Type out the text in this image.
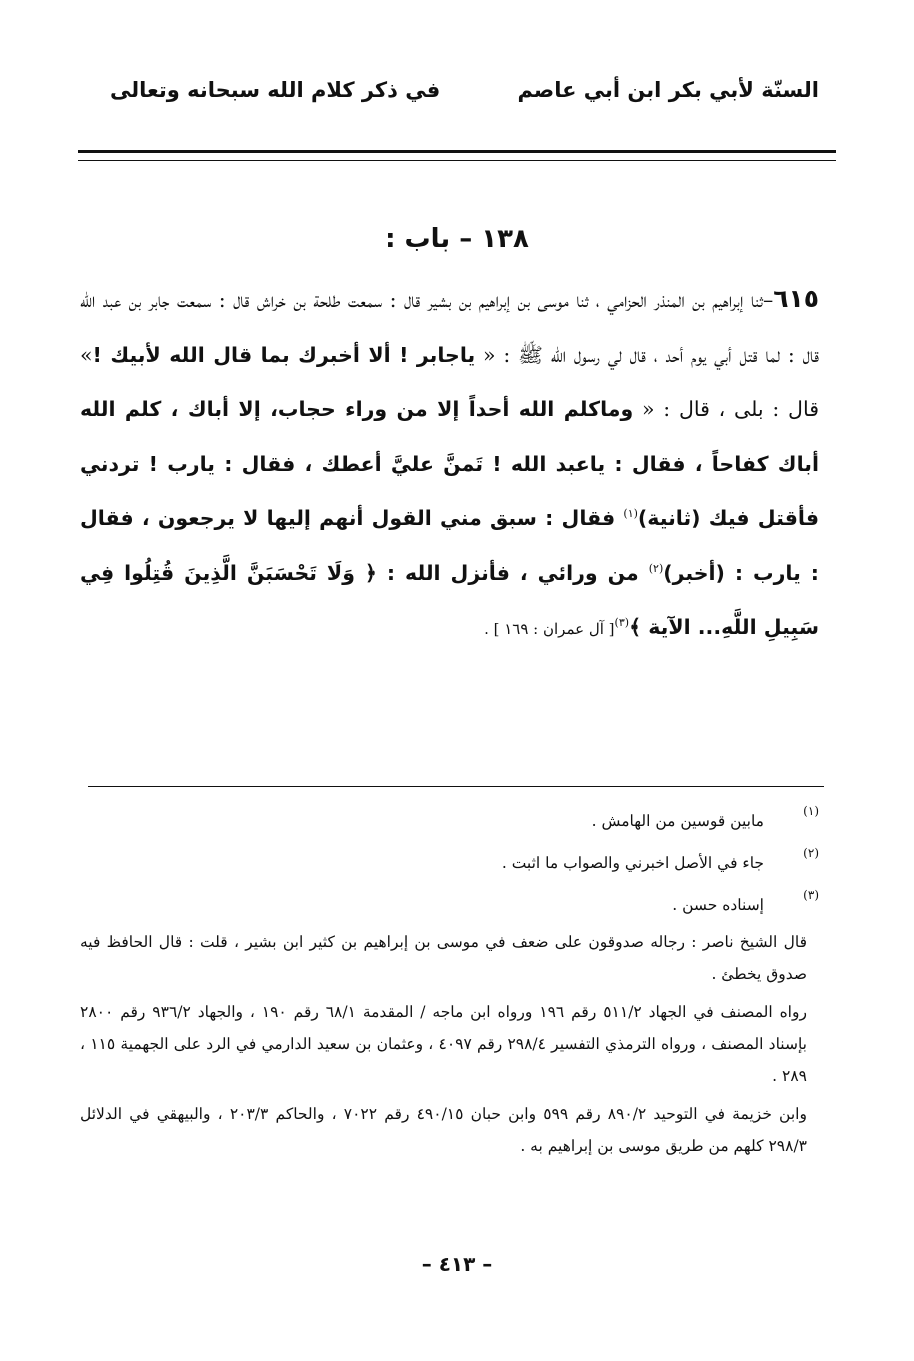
السنّة لأبي بكر ابن أبي عاصم
في ذكر كلام الله سبحانه وتعالى
١٣٨ – باب :
٦١٥–ثنا إبراهيم بن المنذر الحزامي ، ثنا موسى بن إبراهيم بن بشير قال : سمعت طلحة بن خراش قال : سمعت جابر بن عبد الله قال : لما قتل أبي يوم أحد ، قال لي رسول الله ﷺ : « ياجابر ! ألا أخبرك بما قال الله لأبيك !» قال : بلى ، قال : « وماكلم الله أحداً إلا من وراء حجاب، إلا أباك ، كلم الله أباك كفاحاً ، فقال : ياعبد الله ! تَمنَّ عليَّ أعطك ، فقال : يارب ! تردني فأقتل فيك (ثانية)$^{(١)}$ فقال : سبق مني القول أنهم إليها لا يرجعون ، فقال : يارب : (أخبر)$^{(٢)}$ من ورائي ، فأنزل الله : ﴿ وَلَا تَحْسَبَنَّ الَّذِينَ قُتِلُوا فِي سَبِيلِ اللَّهِ... الآية ﴾$^{(٣)}$[ آل عمران : ١٦٩ ] .
(١)
مابين قوسين من الهامش .
(٢)
جاء في الأصل اخبرني والصواب ما اثبت .
(٣)
إسناده حسن .
قال الشيخ ناصر : رجاله صدوقون على ضعف في موسى بن إبراهيم بن كثير ابن بشير ، قلت : قال الحافظ فيه صدوق يخطئ .
رواه المصنف في الجهاد ٥١١/٢ رقم ١٩٦ ورواه ابن ماجه / المقدمة ٦٨/١ رقم ١٩٠ ، والجهاد ٩٣٦/٢ رقم ٢٨٠٠ بإسناد المصنف ، ورواه الترمذي التفسير ٢٩٨/٤ رقم ٤٠٩٧ ، وعثمان بن سعيد الدارمي في الرد على الجهمية ١١٥ ، ٢٨٩ .
وابن خزيمة في التوحيد ٨٩٠/٢ رقم ٥٩٩ وابن حبان ٤٩٠/١٥ رقم ٧٠٢٢ ، والحاكم ٢٠٣/٣ ، والبيهقي في الدلائل ٢٩٨/٣ كلهم من طريق موسى بن إبراهيم به .
– ٤١٣ –
